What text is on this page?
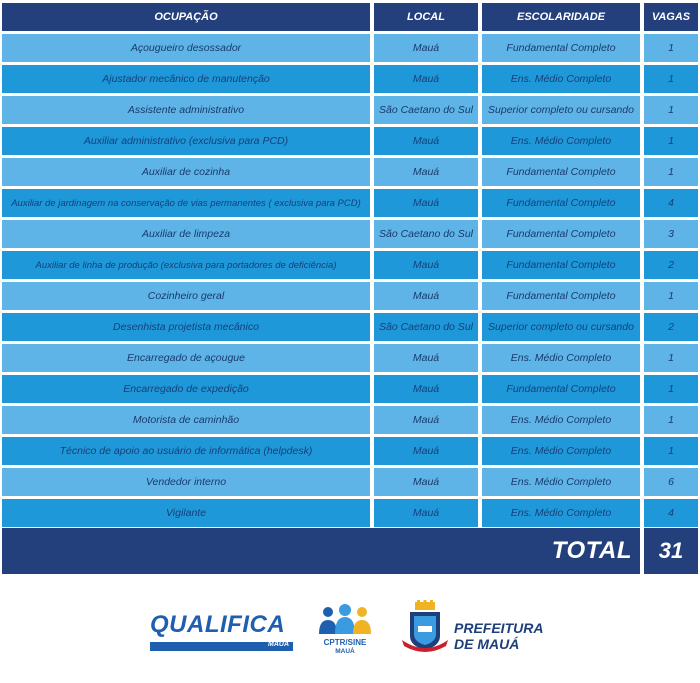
OCUPAÇÃO	LOCAL	ESCOLARIDADE	VAGAS
Açougueiro desossador	Mauá	Fundamental Completo	1
Ajustador mecânico de manutenção	Mauá	Ens. Médio Completo	1
Assistente administrativo	São Caetano do Sul	Superior completo ou cursando	1
Auxiliar administrativo (exclusiva para PCD)	Mauá	Ens. Médio Completo	1
Auxiliar de cozinha	Mauá	Fundamental Completo	1
Auxiliar de jardinagem na conservação de vias permanentes ( exclusiva para PCD)	Mauá	Fundamental Completo	4
Auxiliar de limpeza	São Caetano do Sul	Fundamental Completo	3
Auxiliar de linha de produção (exclusiva para portadores de deficiência)	Mauá	Fundamental Completo	2
Cozinheiro geral	Mauá	Fundamental Completo	1
Desenhista projetista mecânico	São Caetano do Sul	Superior completo ou cursando	2
Encarregado de açougue	Mauá	Ens. Médio Completo	1
Encarregado de expedição	Mauá	Fundamental Completo	1
Motorista de caminhão	Mauá	Ens. Médio Completo	1
Técnico de apoio ao usuário de informática (helpdesk)	Mauá	Ens. Médio Completo	1
Vendedor interno	Mauá	Ens. Médio Completo	6
Vigilante	Mauá	Ens. Médio Completo	4
TOTAL	31
QUALIFICA
MAUÁ	CPTR/SINE
MAUÁ
PREFEITURA
DE MAUÁ
